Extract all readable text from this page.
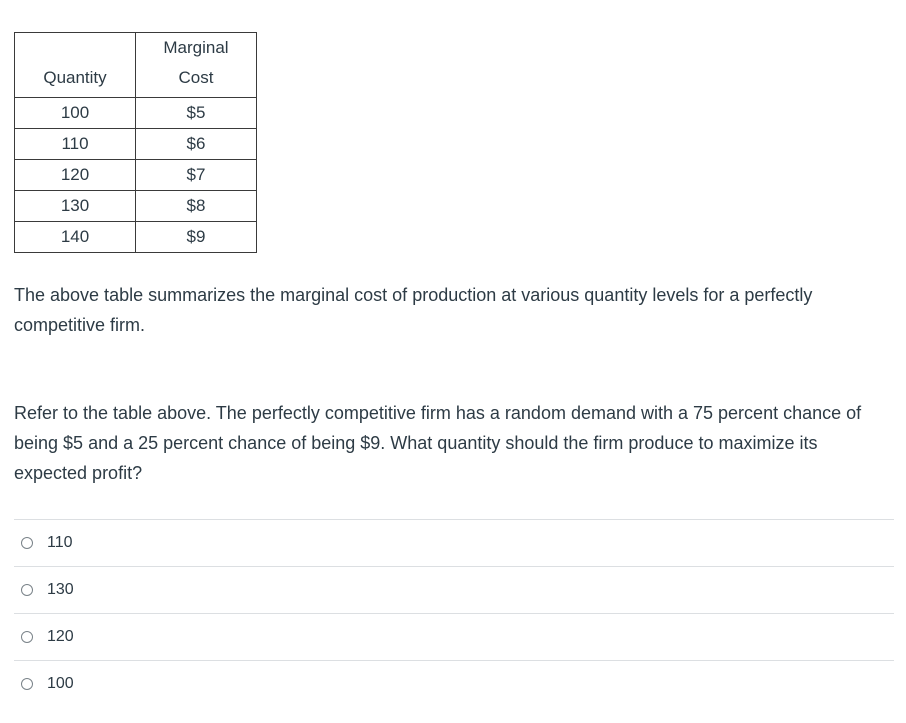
Quantity	Marginal
Cost

100	$5
110	$6
120	$7
130	$8
140	$9

The above table summarizes the marginal cost of production at various quantity levels for a perfectly competitive firm.

Refer to the table above. The perfectly competitive firm has a random demand with a 75 percent chance of being $5 and a 25 percent chance of being $9. What quantity should the firm produce to maximize its expected profit?

110
130
120
100
